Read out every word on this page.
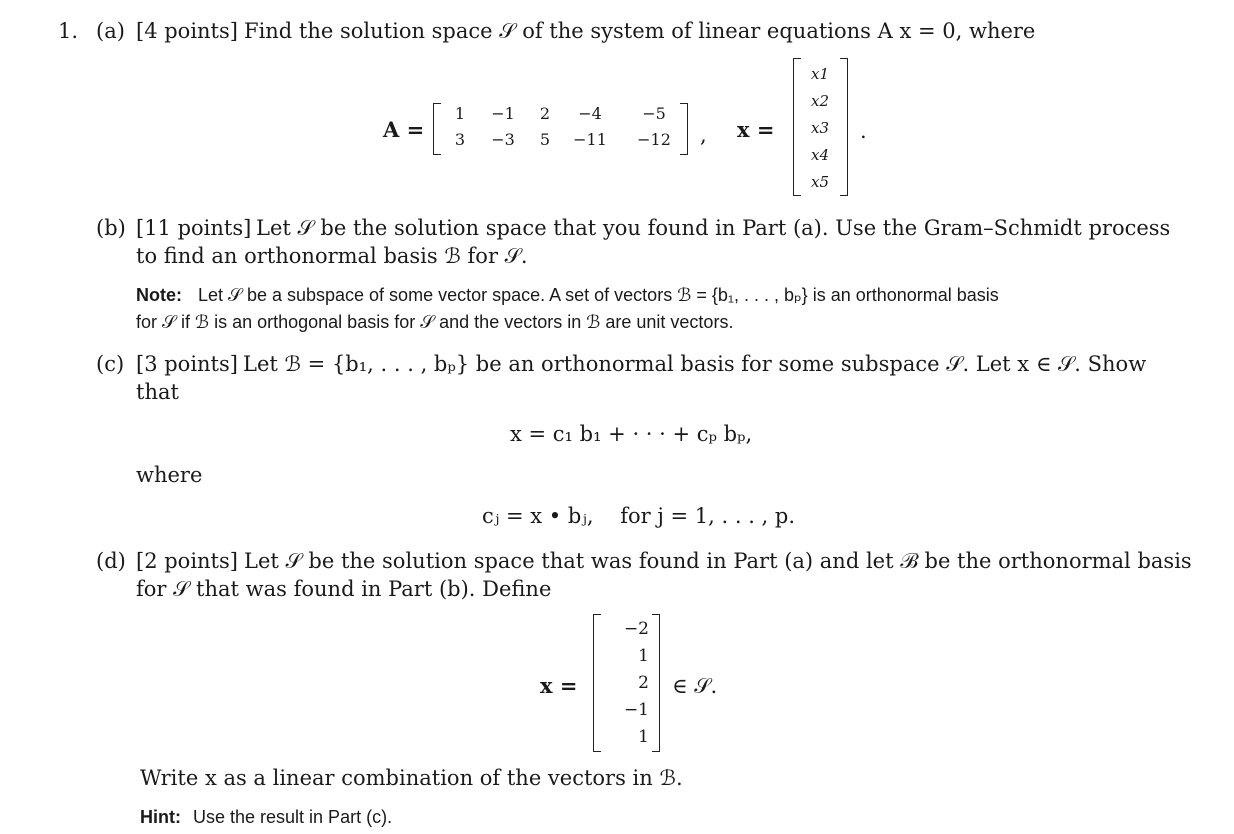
1. (a) [4 points] Find the solution space 𝒮 of the system of linear equations A x = 0, where
A =
1	−1	2	−4	−5
3	−3	5	−11	−12	, x =
x1
x2
x3
x4
x5
.
(b) [11 points] Let 𝒮 be the solution space that you found in Part (a). Use the Gram–Schmidt process
to find an orthonormal basis ℬ for 𝒮.
Note: Let 𝒮 be a subspace of some vector space. A set of vectors ℬ = {b₁, . . . , bₚ} is an orthonormal basis
for 𝒮 if ℬ is an orthogonal basis for 𝒮 and the vectors in ℬ are unit vectors.
(c) [3 points] Let ℬ = {b₁, . . . , bₚ} be an orthonormal basis for some subspace 𝒮. Let x ∈ 𝒮. Show
that
x = c₁ b₁ + · · · + cₚ bₚ,
where
cⱼ = x • bⱼ,    for j = 1, . . . , p.
(d) [2 points] Let 𝒮 be the solution space that was found in Part (a) and let ℬ be the orthonormal basis
for 𝒮 that was found in Part (b). Define
x =
−2
1
2
−1
1
∈ 𝒮.
Write x as a linear combination of the vectors in ℬ.
Hint: Use the result in Part (c).
